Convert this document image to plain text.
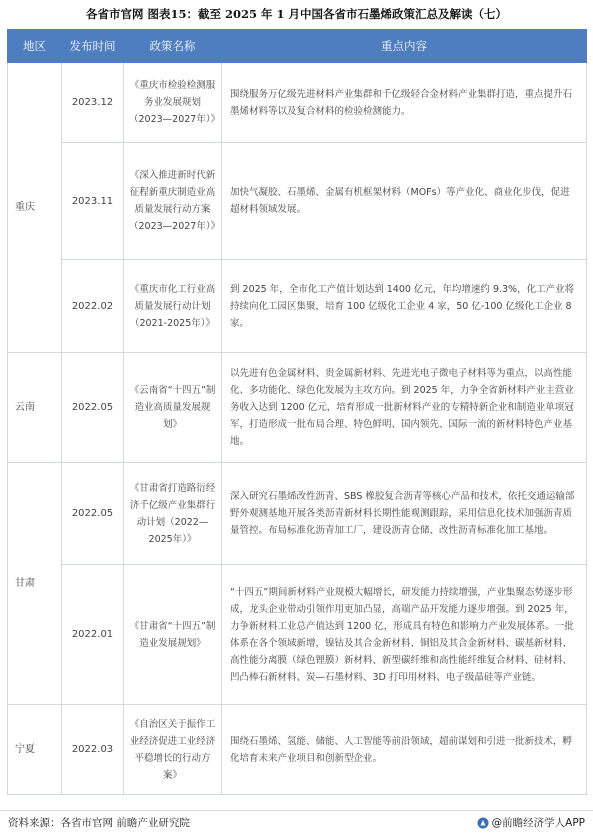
各省市官网 图表15：截至 2025 年 1 月中国各省市石墨烯政策汇总及解读（七）
地区	发布时间	政策名称	重点内容
重庆	2023.12	《重庆市检验检测服务业发展规划（2023—2027年）》	围绕服务万亿级先进材料产业集群和千亿级轻合金材料产业集群打造，重点提升石墨烯材料等以及复合材料的检验检测能力。
	2023.11	《深入推进新时代新征程新重庆制造业高质量发展行动方案（2023—2027年）》	加快气凝胶、石墨烯、金属有机框架材料（MOFs）等产业化、商业化步伐，促进超材料领域发展。
	2022.02	《重庆市化工行业高质量发展行动计划（2021-2025年）》	到 2025 年，全市化工产值计划达到 1400 亿元，年均增速约 9.3%，化工产业将持续向化工园区集聚，培育 100 亿级化工企业 4 家，50 亿-100 亿级化工企业 8 家。
云南	2022.05	《云南省“十四五”制造业高质量发展规划》	以先进有色金属材料、贵金属新材料、先进光电子微电子材料等为重点，以高性能化、多功能化、绿色化发展为主攻方向。到 2025 年，力争全省新材料产业主营业务收入达到 1200 亿元，培育形成一批新材料产业的专精特新企业和制造业单项冠军，打造形成一批布局合理、特色鲜明、国内领先、国际一流的新材料特色产业基地。
甘肃	2022.05	《甘肃省打造路衍经济千亿级产业集群行动计划（2022—2025年）》	深入研究石墨烯改性沥青、SBS 橡胶复合沥青等核心产品和技术，依托交通运输部野外观测基地开展各类沥青新材料长期性能观测跟踪，采用信息化技术加强沥青质量管控。布局标准化沥青加工厂，建设沥青仓储、改性沥青标准化加工基地。
	2022.01	《甘肃省“十四五”制造业发展规划》	“十四五”期间新材料产业规模大幅增长，研发能力持续增强，产业集聚态势逐步形成，龙头企业带动引领作用更加凸显，高端产品开发能力逐步增强。到 2025 年，力争新材料工业总产值达到 1200 亿，形成具有特色和影响力产业发展体系。一批体系在各个领域新增，镍钴及其合金新材料、铜铝及其合金新材料、碳基新材料、高性能分离膜（绿色锂膜）新材料、新型碳纤维和高性能纤维复合材料、硅材料、凹凸棒石新材料、炭—石墨材料、3D 打印用材料、电子级晶硅等产业链。
宁夏	2022.03	《自治区关于振作工业经济促进工业经济平稳增长的行动方案》	围绕石墨烯、氢能、储能、人工智能等前沿领域，超前谋划和引进一批新技术，孵化培育未来产业项目和创新型企业。
资料来源：各省市官网 前瞻产业研究院	@前瞻经济学人APP
